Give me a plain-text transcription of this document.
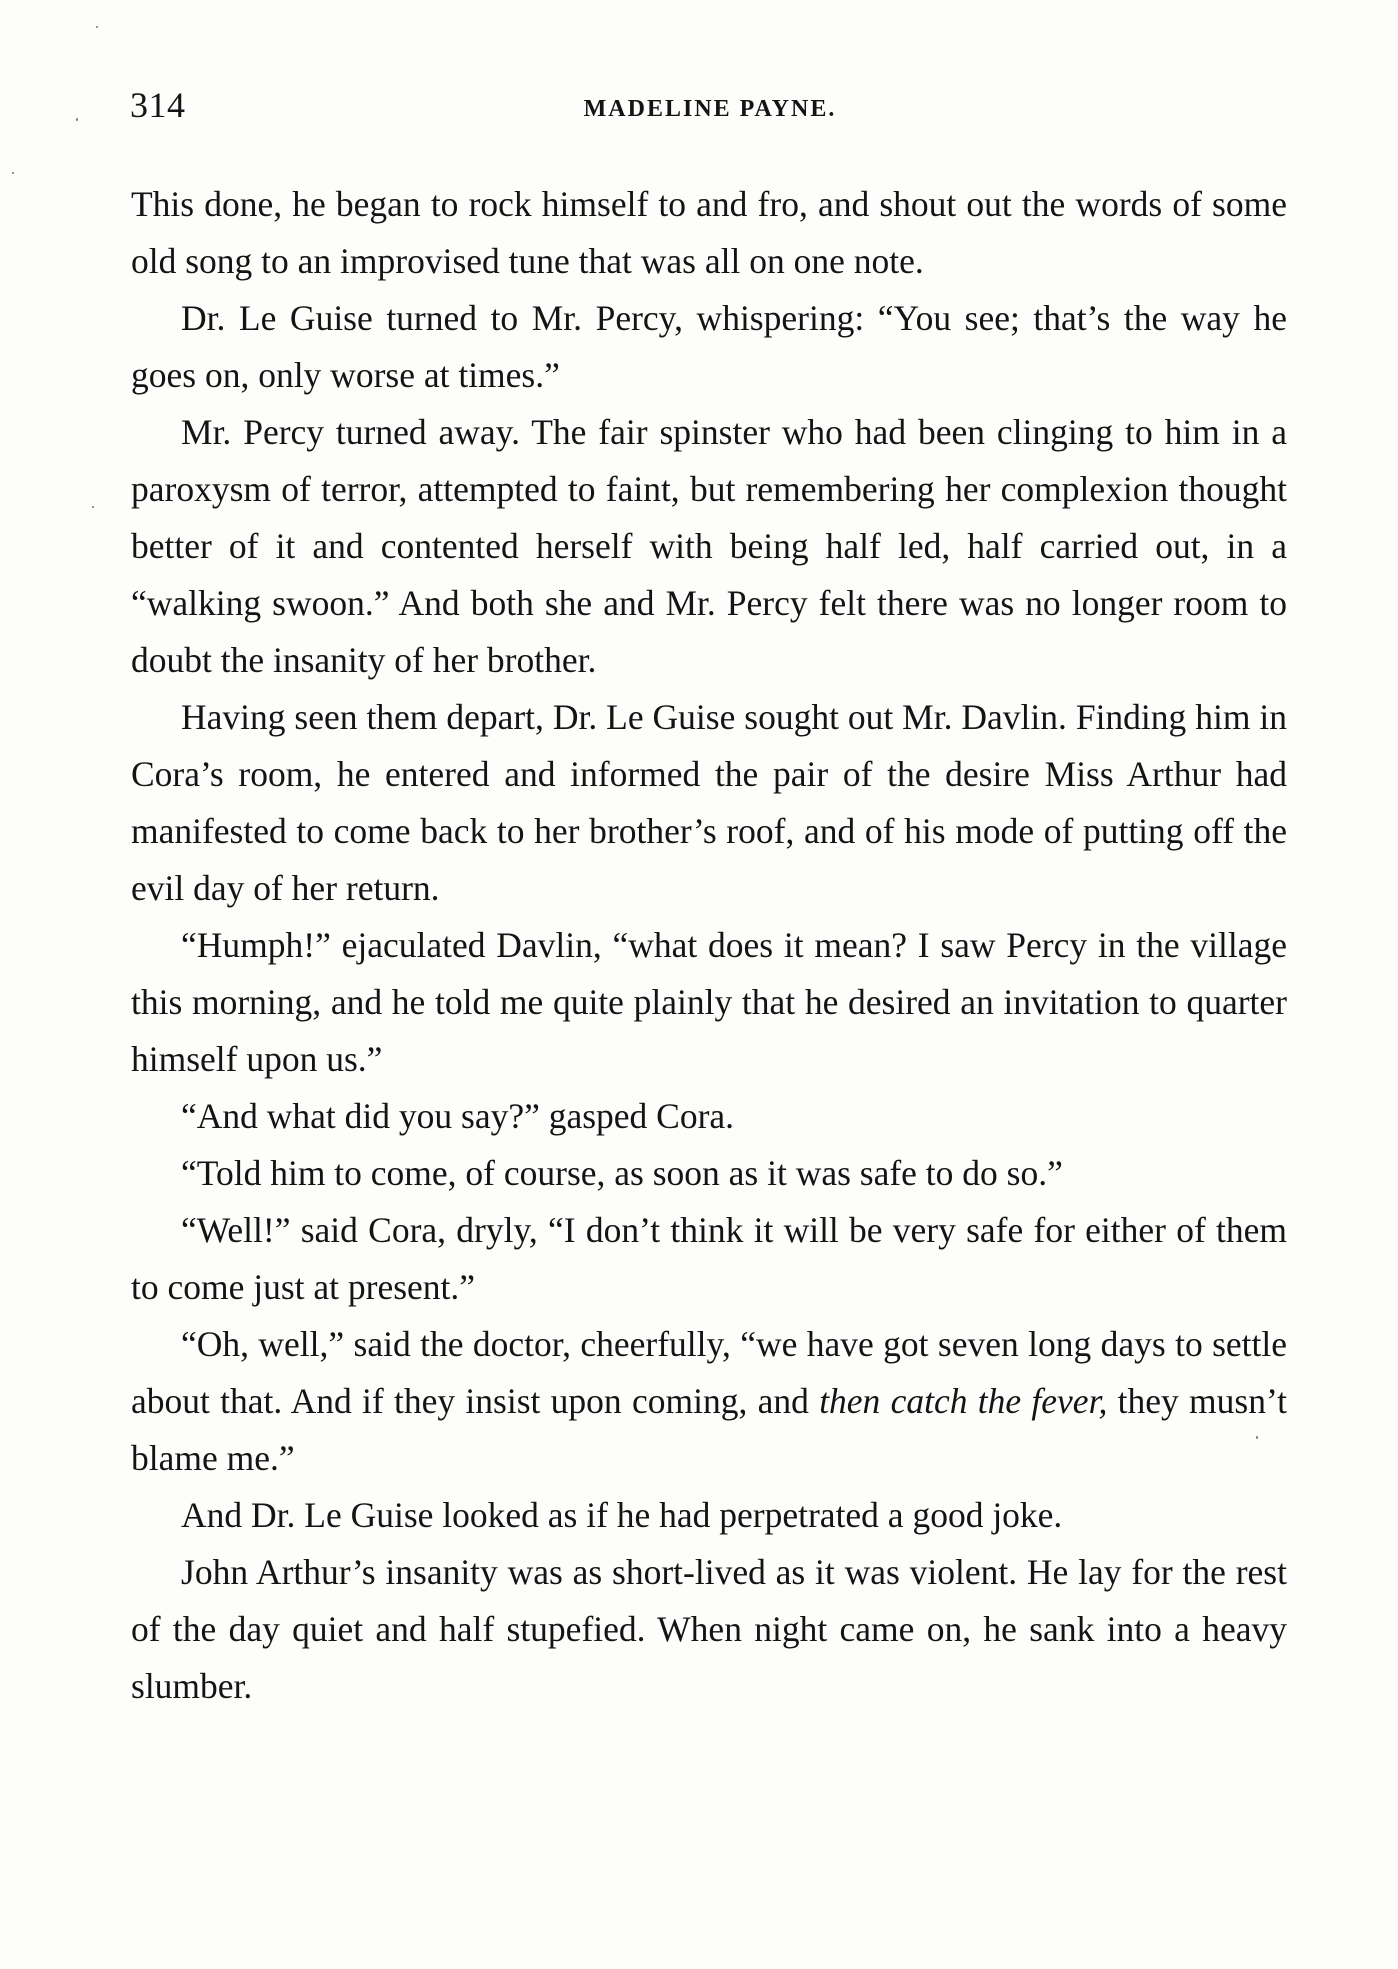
314	MADELINE PAYNE.

This done, he began to rock himself to and fro, and shout out the words of some old song to an improvised tune that was all on one note.

Dr. Le Guise turned to Mr. Percy, whispering: “You see; that’s the way he goes on, only worse at times.”

Mr. Percy turned away. The fair spinster who had been clinging to him in a paroxysm of terror, attempted to faint, but remembering her complexion thought better of it and contented herself with being half led, half carried out, in a “walking swoon.” And both she and Mr. Percy felt there was no longer room to doubt the insanity of her brother.

Having seen them depart, Dr. Le Guise sought out Mr. Davlin. Finding him in Cora’s room, he entered and informed the pair of the desire Miss Arthur had manifested to come back to her brother’s roof, and of his mode of putting off the evil day of her return.

“Humph!” ejaculated Davlin, “what does it mean? I saw Percy in the village this morning, and he told me quite plainly that he desired an invitation to quarter himself upon us.”

“And what did you say?” gasped Cora.

“Told him to come, of course, as soon as it was safe to do so.”

“Well!” said Cora, dryly, “I don’t think it will be very safe for either of them to come just at present.”

“Oh, well,” said the doctor, cheerfully, “we have got seven long days to settle about that. And if they insist upon coming, and then catch the fever, they musn’t blame me.”

And Dr. Le Guise looked as if he had perpetrated a good joke.

John Arthur’s insanity was as short-lived as it was violent. He lay for the rest of the day quiet and half stupefied. When night came on, he sank into a heavy slumber.
